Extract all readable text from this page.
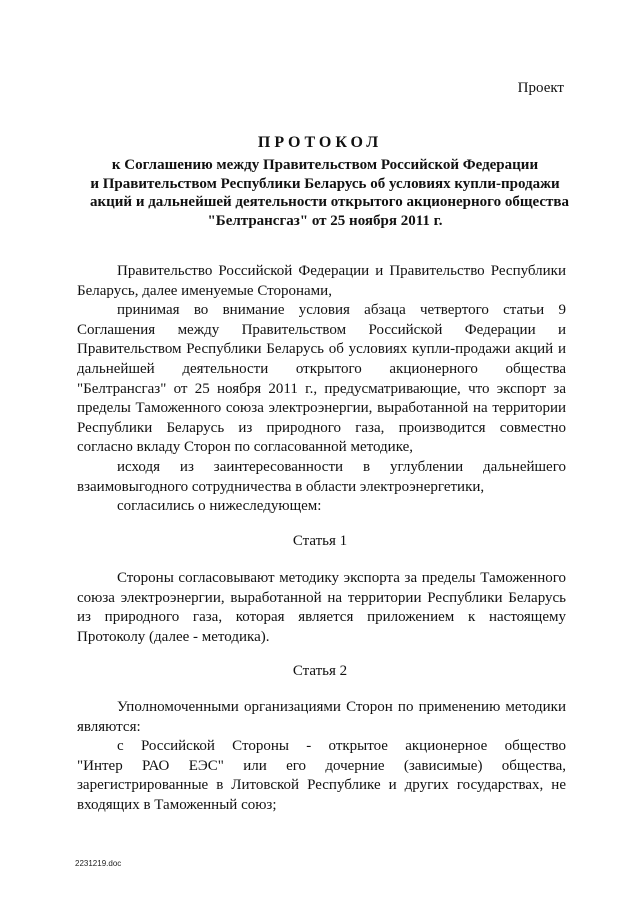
Проект
ПРОТОКОЛ
к Соглашению между Правительством Российской Федерации
и Правительством Республики Беларусь об условиях купли-продажи
акций и дальнейшей деятельности открытого акционерного общества
"Белтрансгаз" от 25 ноября 2011 г.
Правительство Российской Федерации и Правительство Республики
Беларусь, далее именуемые Сторонами,
принимая во внимание условия абзаца четвертого статьи 9
Соглашения между Правительством Российской Федерации и
Правительством Республики Беларусь об условиях купли-продажи акций и
дальнейшей деятельности открытого акционерного общества
"Белтрансгаз" от 25 ноября 2011 г., предусматривающие, что экспорт за
пределы Таможенного союза электроэнергии, выработанной на территории
Республики Беларусь из природного газа, производится совместно
согласно вкладу Сторон по согласованной методике,
исходя из заинтересованности в углублении дальнейшего
взаимовыгодного сотрудничества в области электроэнергетики,
согласились о нижеследующем:
Статья 1
Стороны согласовывают методику экспорта за пределы Таможенного
союза электроэнергии, выработанной на территории Республики Беларусь
из природного газа, которая является приложением к настоящему
Протоколу (далее - методика).
Статья 2
Уполномоченными организациями Сторон по применению методики
являются:
с Российской Стороны - открытое акционерное общество
"Интер РАО ЕЭС" или его дочерние (зависимые) общества,
зарегистрированные в Литовской Республике и других государствах, не
входящих в Таможенный союз;
2231219.doc
